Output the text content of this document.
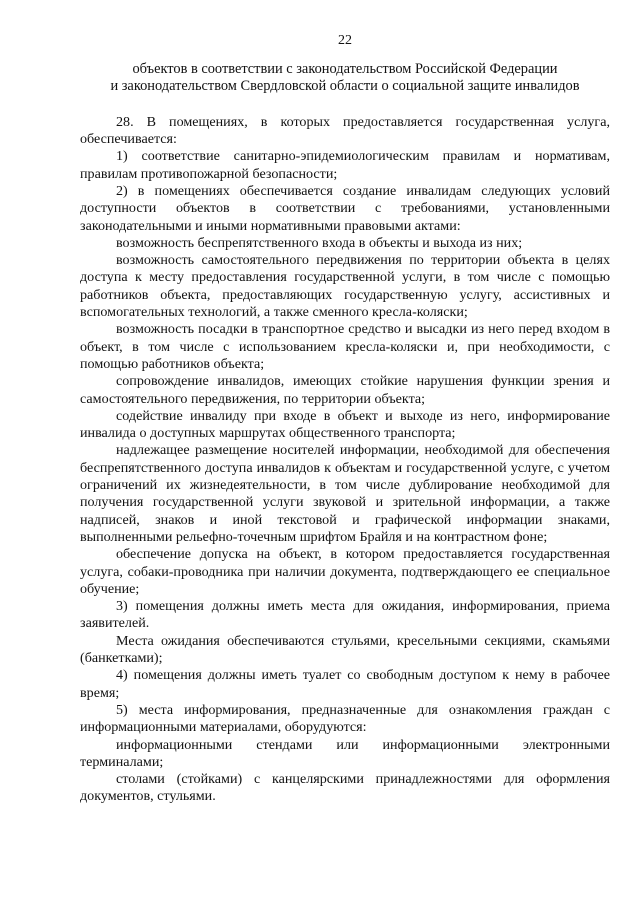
22
объектов в соответствии с законодательством Российской Федерации
и законодательством Свердловской области о социальной защите инвалидов

28. В помещениях, в которых предоставляется государственная услуга, обеспечивается:

1) соответствие санитарно-эпидемиологическим правилам и нормативам, правилам противопожарной безопасности;

2) в помещениях обеспечивается создание инвалидам следующих условий доступности объектов в соответствии с требованиями, установленными законодательными и иными нормативными правовыми актами:

возможность беспрепятственного входа в объекты и выхода из них;

возможность самостоятельного передвижения по территории объекта в целях доступа к месту предоставления государственной услуги, в том числе с помощью работников объекта, предоставляющих государственную услугу, ассистивных и вспомогательных технологий, а также сменного кресла-коляски;

возможность посадки в транспортное средство и высадки из него перед входом в объект, в том числе с использованием кресла-коляски и, при необходимости, с помощью работников объекта;

сопровождение инвалидов, имеющих стойкие нарушения функции зрения и самостоятельного передвижения, по территории объекта;

содействие инвалиду при входе в объект и выходе из него, информирование инвалида о доступных маршрутах общественного транспорта;

надлежащее размещение носителей информации, необходимой для обеспечения беспрепятственного доступа инвалидов к объектам и государственной услуге, с учетом ограничений их жизнедеятельности, в том числе дублирование необходимой для получения государственной услуги звуковой и зрительной информации, а также надписей, знаков и иной текстовой и графической информации знаками, выполненными рельефно-точечным шрифтом Брайля и на контрастном фоне;

обеспечение допуска на объект, в котором предоставляется государственная услуга, собаки-проводника при наличии документа, подтверждающего ее специальное обучение;

3) помещения должны иметь места для ожидания, информирования, приема заявителей.

Места ожидания обеспечиваются стульями, кресельными секциями, скамьями (банкетками);

4) помещения должны иметь туалет со свободным доступом к нему в рабочее время;

5) места информирования, предназначенные для ознакомления граждан с информационными материалами, оборудуются:

информационными стендами или информационными электронными терминалами;

столами (стойками) с канцелярскими принадлежностями для оформления документов, стульями.
